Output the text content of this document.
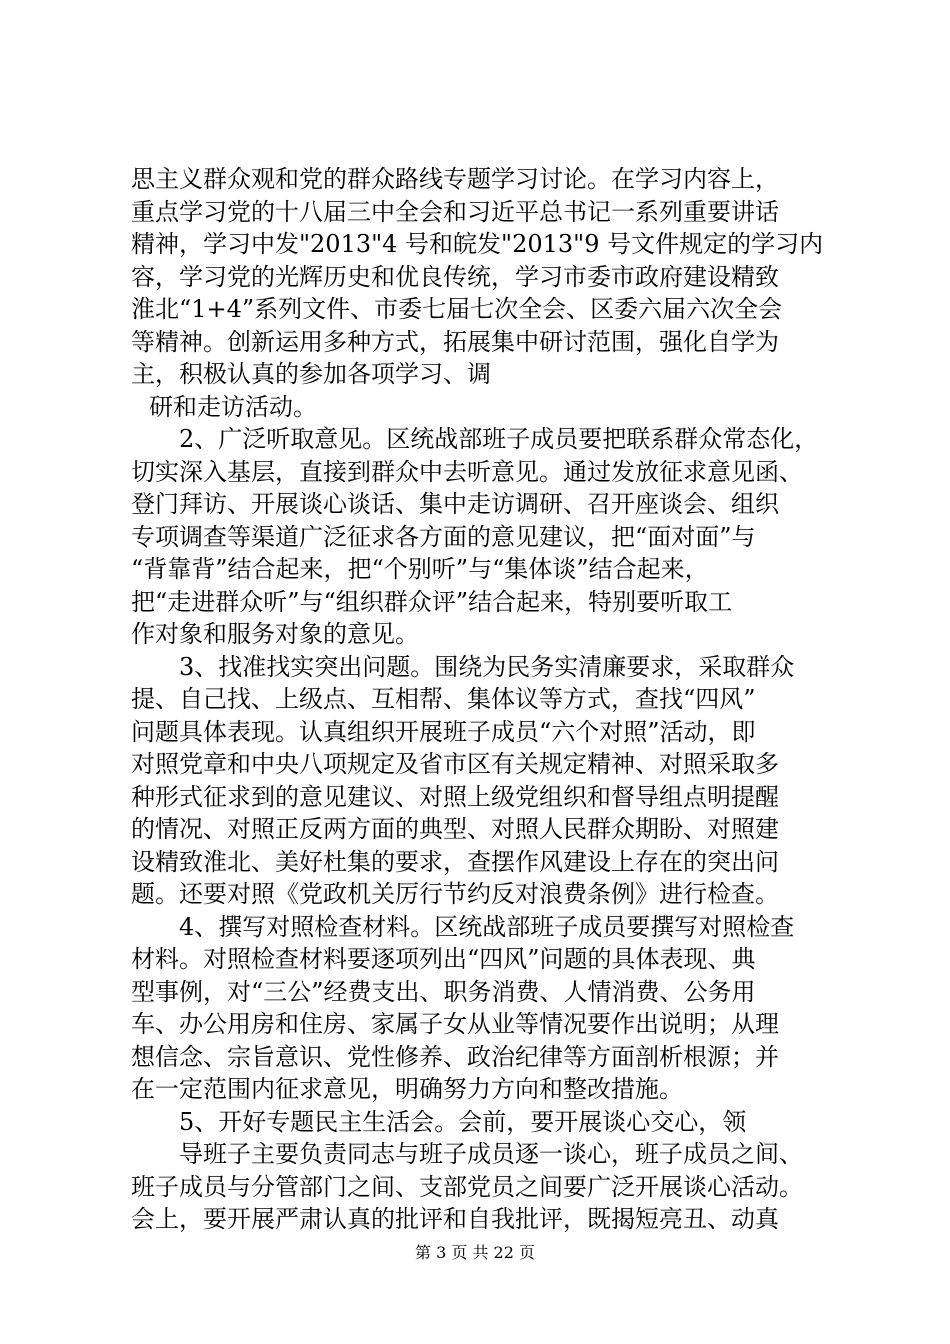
思主义群众观和党的群众路线专题学习讨论。在学习内容上，
重点学习党的十八届三中全会和习近平总书记一系列重要讲话
精神，学习中发"2013"4 号和皖发"2013"9 号文件规定的学习内
容，学习党的光辉历史和优良传统，学习市委市政府建设精致
淮北“1+4”系列文件、市委七届七次全会、区委六届六次全会
等精神。创新运用多种方式，拓展集中研讨范围，强化自学为
主，积极认真的参加各项学习、调
研和走访活动。
2、广泛听取意见。区统战部班子成员要把联系群众常态化，
切实深入基层，直接到群众中去听意见。通过发放征求意见函、
登门拜访、开展谈心谈话、集中走访调研、召开座谈会、组织
专项调查等渠道广泛征求各方面的意见建议，把“面对面”与
“背靠背”结合起来，把“个别听”与“集体谈”结合起来，
把“走进群众听”与“组织群众评”结合起来，特别要听取工
作对象和服务对象的意见。
3、找准找实突出问题。围绕为民务实清廉要求，采取群众
提、自己找、上级点、互相帮、集体议等方式，查找“四风”
问题具体表现。认真组织开展班子成员“六个对照”活动，即
对照党章和中央八项规定及省市区有关规定精神、对照采取多
种形式征求到的意见建议、对照上级党组织和督导组点明提醒
的情况、对照正反两方面的典型、对照人民群众期盼、对照建
设精致淮北、美好杜集的要求，查摆作风建设上存在的突出问
题。还要对照《党政机关厉行节约反对浪费条例》进行检查。
4、撰写对照检查材料。区统战部班子成员要撰写对照检查
材料。对照检查材料要逐项列出“四风”问题的具体表现、典
型事例，对“三公”经费支出、职务消费、人情消费、公务用
车、办公用房和住房、家属子女从业等情况要作出说明；从理
想信念、宗旨意识、党性修养、政治纪律等方面剖析根源；并
在一定范围内征求意见，明确努力方向和整改措施。
5、开好专题民主生活会。会前，要开展谈心交心，领
导班子主要负责同志与班子成员逐一谈心，班子成员之间、
班子成员与分管部门之间、支部党员之间要广泛开展谈心活动。
会上，要开展严肃认真的批评和自我批评，既揭短亮丑、动真
第 3 页 共 22 页
